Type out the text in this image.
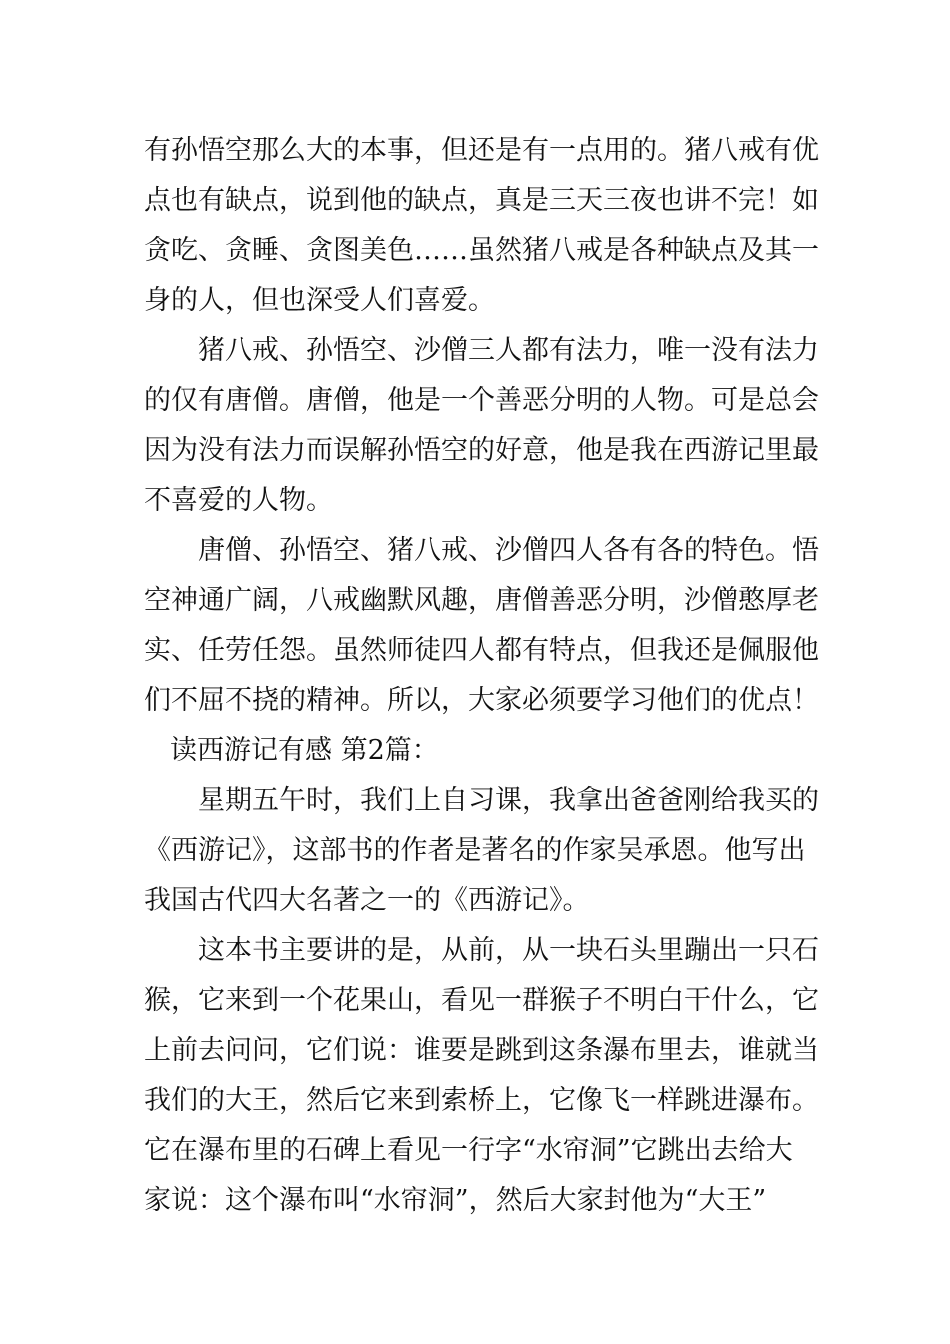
有孙悟空那么大的本事，但还是有一点用的。猪八戒有优
点也有缺点，说到他的缺点，真是三天三夜也讲不完！如
贪吃、贪睡、贪图美色……虽然猪八戒是各种缺点及其一
身的人，但也深受人们喜爱。
猪八戒、孙悟空、沙僧三人都有法力，唯一没有法力
的仅有唐僧。唐僧，他是一个善恶分明的人物。可是总会
因为没有法力而误解孙悟空的好意，他是我在西游记里最
不喜爱的人物。
唐僧、孙悟空、猪八戒、沙僧四人各有各的特色。悟
空神通广阔，八戒幽默风趣，唐僧善恶分明，沙僧憨厚老
实、任劳任怨。虽然师徒四人都有特点，但我还是佩服他
们不屈不挠的精神。所以，大家必须要学习他们的优点！
读西游记有感 第2篇：
星期五午时，我们上自习课，我拿出爸爸刚给我买的
《西游记》，这部书的作者是著名的作家吴承恩。他写出
我国古代四大名著之一的《西游记》。
这本书主要讲的是，从前，从一块石头里蹦出一只石
猴，它来到一个花果山，看见一群猴子不明白干什么，它
上前去问问，它们说：谁要是跳到这条瀑布里去，谁就当
我们的大王，然后它来到索桥上，它像飞一样跳进瀑布。
它在瀑布里的石碑上看见一行字“水帘洞”它跳出去给大
家说：这个瀑布叫“水帘洞”，然后大家封他为“大王”
